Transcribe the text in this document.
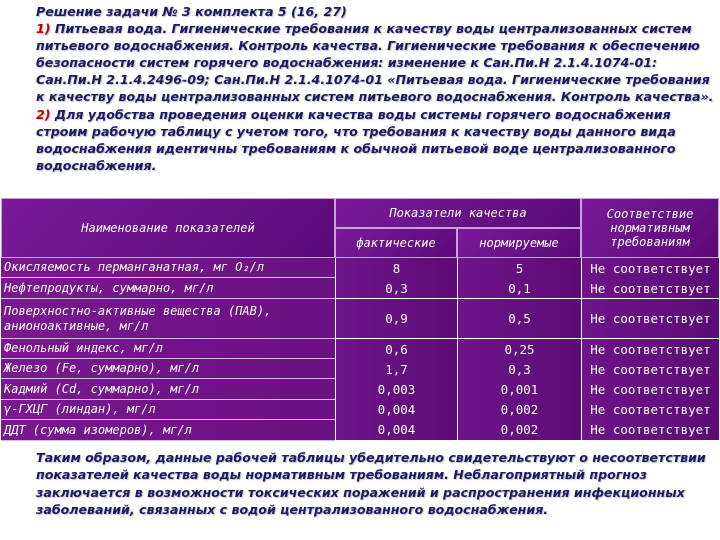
Решение задачи № 3 комплекта 5 (16, 27)

1) Питьевая вода. Гигиенические требования к качеству воды централизованных систем питьевого водоснабжения. Контроль качества. Гигиенические требования к обеспечению безопасности систем горячего водоснабжения: изменение к Сан.Пи.Н 2.1.4.1074-01: Сан.Пи.Н 2.1.4.2496-09; Сан.Пи.Н 2.1.4.1074-01 «Питьевая вода. Гигиенические требования к качеству воды централизованных систем питьевого водоснабжения. Контроль качества».

2) Для удобства проведения оценки качества воды системы горячего водоснабжения строим рабочую таблицу с учетом того, что требования к качеству воды данного вида водоснабжения идентичны требованиям к обычной питьевой воде централизованного водоснабжения.

Наименование показателей
Показатели качества
фактические	нормируемые
Соответствие нормативным требованиям
Окисляемость перманганатная, мг О₂/л
Нефтепродукты, суммарно, мг/л
Поверхностно-активные вещества (ПАВ), анионоактивные, мг/л
Фенольный индекс, мг/л
Железо (Fe, суммарно), мг/л
Кадмий (Cd, суммарно), мг/л
γ-ГХЦГ (линдан), мг/л
ДДТ (сумма изомеров), мг/л
8
0,3
0,9
0,6
1,7
0,003
0,004
0,004
5
0,1
0,5
0,25
0,3
0,001
0,002
0,002
Не соответствует
Не соответствует
Не соответствует
Не соответствует
Не соответствует
Не соответствует
Не соответствует
Не соответствует

Таким образом, данные рабочей таблицы убедительно свидетельствуют о несоответствии показателей качества воды нормативным требованиям. Неблагоприятный прогноз заключается в возможности токсических поражений и распространения инфекционных заболеваний, связанных с водой централизованного водоснабжения.
